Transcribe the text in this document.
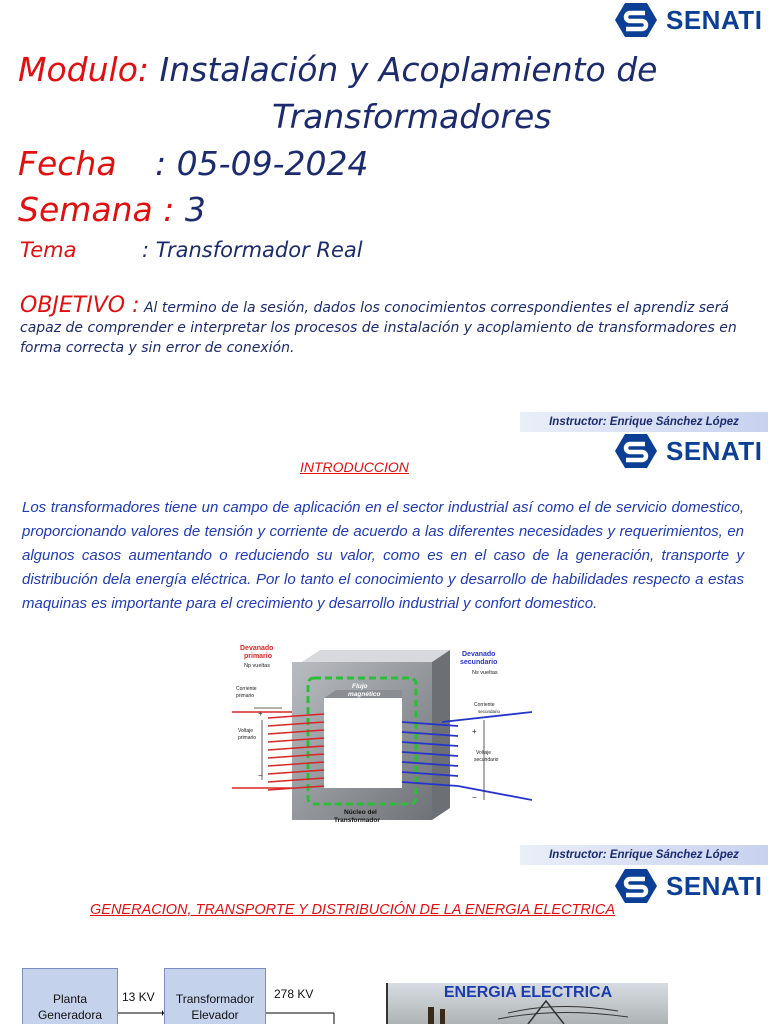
SENATI
SENATI
SENATI
Modulo: Instalación y Acoplamiento de
Transformadores
Fecha : 05-09-2024
Semana : 3
Tema	: Transformador Real
OBJETIVO : Al termino de la sesión, dados los conocimientos correspondientes el aprendiz será capaz de comprender e interpretar los procesos de instalación y acoplamiento de transformadores en forma correcta y sin error de conexión.
Instructor: Enrique Sánchez López
Instructor: Enrique Sánchez López
INTRODUCCION
Los transformadores tiene un campo de aplicación en el sector industrial así como el de servicio domestico, proporcionando valores de tensión y corriente de acuerdo a las diferentes necesidades y requerimientos, en algunos casos aumentando o reduciendo su valor, como es en el caso de la generación, transporte y distribución dela energía eléctrica. Por lo tanto el conocimiento y desarrollo de habilidades respecto a estas maquinas es importante para el crecimiento y desarrollo industrial y confort domestico.
Devanado
primario
Np vueltas
Corriente
primario
+
Voltaje
primario
−
Devanado
secundario
Ns vueltas
Corriente
secundario
+
Voltaje
secundario
−
Flujo
magnético
Núcleo del
Transformador
GENERACION, TRANSPORTE Y DISTRIBUCIÓN DE LA ENERGIA ELECTRICA
Planta Generadora
Transformador Elevador
13 KV	278 KV	ENERGIA ELECTRICA
